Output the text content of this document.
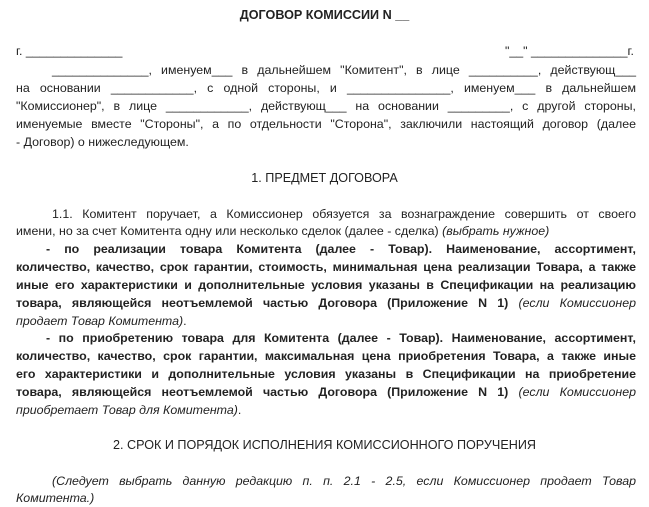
ДОГОВОР КОМИССИИ N __
г. ______________	"__" ______________г.
______________, именуем___ в дальнейшем "Комитент", в лице __________, действующ___
на основании ____________, с одной стороны, и _______________, именуем___ в дальнейшем
"Комиссионер", в лице ____________, действующ___ на основании _________, с другой стороны,
именуемые вместе "Стороны", а по отдельности "Сторона", заключили настоящий договор (далее
- Договор) о нижеследующем.
1. ПРЕДМЕТ ДОГОВОРА
1.1. Комитент поручает, а Комиссионер обязуется за вознаграждение совершить от своего
имени, но за счет Комитента одну или несколько сделок (далее - сделка) (выбрать нужное)
- по реализации товара Комитента (далее - Товар). Наименование, ассортимент,
количество, качество, срок гарантии, стоимость, минимальная цена реализации Товара, а также
иные его характеристики и дополнительные условия указаны в Спецификации на реализацию
товара, являющейся неотъемлемой частью Договора (Приложение N 1) (если Комиссионер
продает Товар Комитента).
- по приобретению товара для Комитента (далее - Товар). Наименование, ассортимент,
количество, качество, срок гарантии, максимальная цена приобретения Товара, а также иные
его характеристики и дополнительные условия указаны в Спецификации на приобретение
товара, являющейся неотъемлемой частью Договора (Приложение N 1) (если Комиссионер
приобретает Товар для Комитента).
2. СРОК И ПОРЯДОК ИСПОЛНЕНИЯ КОМИССИОННОГО ПОРУЧЕНИЯ
(Следует выбрать данную редакцию п. п. 2.1 - 2.5, если Комиссионер продает Товар
Комитента.)
